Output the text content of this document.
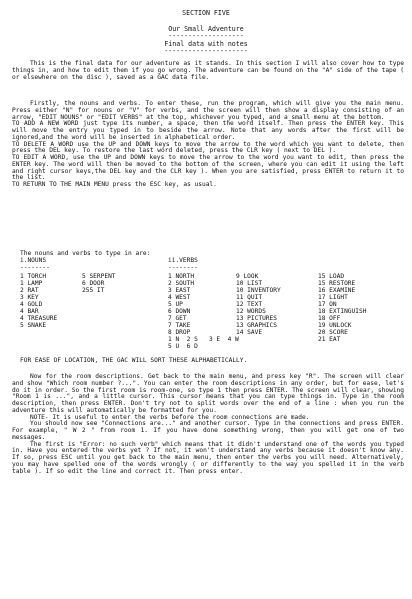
SECTION FIVE
Our Small Adventure
-------------------
Final data with notes
---------------------
This is the final data for our adventure as it stands. In this section I will also cover how to type things in, and how to edit them if you go wrong. The adventure can be found on the "A" side of the tape ( or elsewhere on the disc ), saved as a GAC data file.

Firstly, the nouns and verbs. To enter these, run the program, which will give you the main menu. Press either "N" for nouns or "V" for verbs, and the screen will then show a display consisting of an arrow, "EDIT NOUNS" or "EDIT VERBS" at the top, whichever you typed, and a small menu at the bottom.

TO ADD A NEW WORD just type its number, a space, then the word itself. Then press the ENTER key. This will move the entry you typed in to beside the arrow. Note that any words after the first will be ignored,and the word will be inserted in alphabetical order.

TO DELETE A WORD use the UP and DOWN keys to move the arrow to the word which you want to delete, then press the DEL key. To restore the last word deleted, press the CLR key ( next to DEL ).

TO EDIT A WORD, use the UP and DOWN keys to move the arrow to the word you want to edit, then press the ENTER key. The word will then be moved to the bottom of the screen, where you can edit it using the left and right cursor keys,the DEL key and the CLR key ). When you are satisfied, press ENTER to return it to the list.

TO RETURN TO THE MAIN MENU press the ESC key, as usual.

The nouns and verbs to type in are:
i.NOUNS
--------
1 TORCH
1 LAMP
2 RAT
3 KEY
4 GOLD
4 BAR
4 TREASURE
5 SNAKE
5 SERPENT
6 DOOR
255 IT
ii.VERBS
--------
1 NORTH
2 SOUTH
3 EAST
4 WEST
5 UP
6 DOWN
7 GET
7 TAKE
8 DROP
9 LOOK
10 LIST
10 INVENTORY
11 QUIT
12 TEXT
12 WORDS
13 PICTURES
13 GRAPHICS
14 SAVE
15 LOAD
15 RESTORE
16 EXAMINE
17 LIGHT
17 ON
18 EXTINGUISH
18 OFF
19 UNLOCK
20 SCORE
21 EAT
1 N  2 S   3 E  4 W
5 U  6 D
FOR EASE OF LOCATION, THE GAC WILL SORT THESE ALPHABETICALLY.

Now for the room descriptions. Get back to the main menu, and press key "R". The screen will clear and show "Which room number ?...". You can enter the room descriptions in any order, but for ease, let's do it in order. So the first room is room-one, so type 1 then press ENTER. The screen will clear, showing "Room 1 is ...", and a little cursor. This cursor means that you can type things in. Type in the room description, then press ENTER. Don't try not to split words over the end of a line : when you run the adventure this will automatically be formatted for you.

NOTE- It is useful to enter the verbs before the room connections are made.

You should now see "Connections are..." and another cursor. Type in the connections and press ENTER. For example, " W 2 " from room 1. If you have done something wrong, then you will get one of two messages.

The first is "Error: no such verb" which means that it didn't understand one of the words you typed in. Have you entered the verbs yet ? If not, it won't understand any verbs because it doesn't know any. If so, press ESC until you get back to the main menu, then enter the verbs you will need. Alternatively, you may have spelled one of the words wrongly ( or differently to the way you spelled it in the verb table ). If so edit the line and correct it. Then press enter.
